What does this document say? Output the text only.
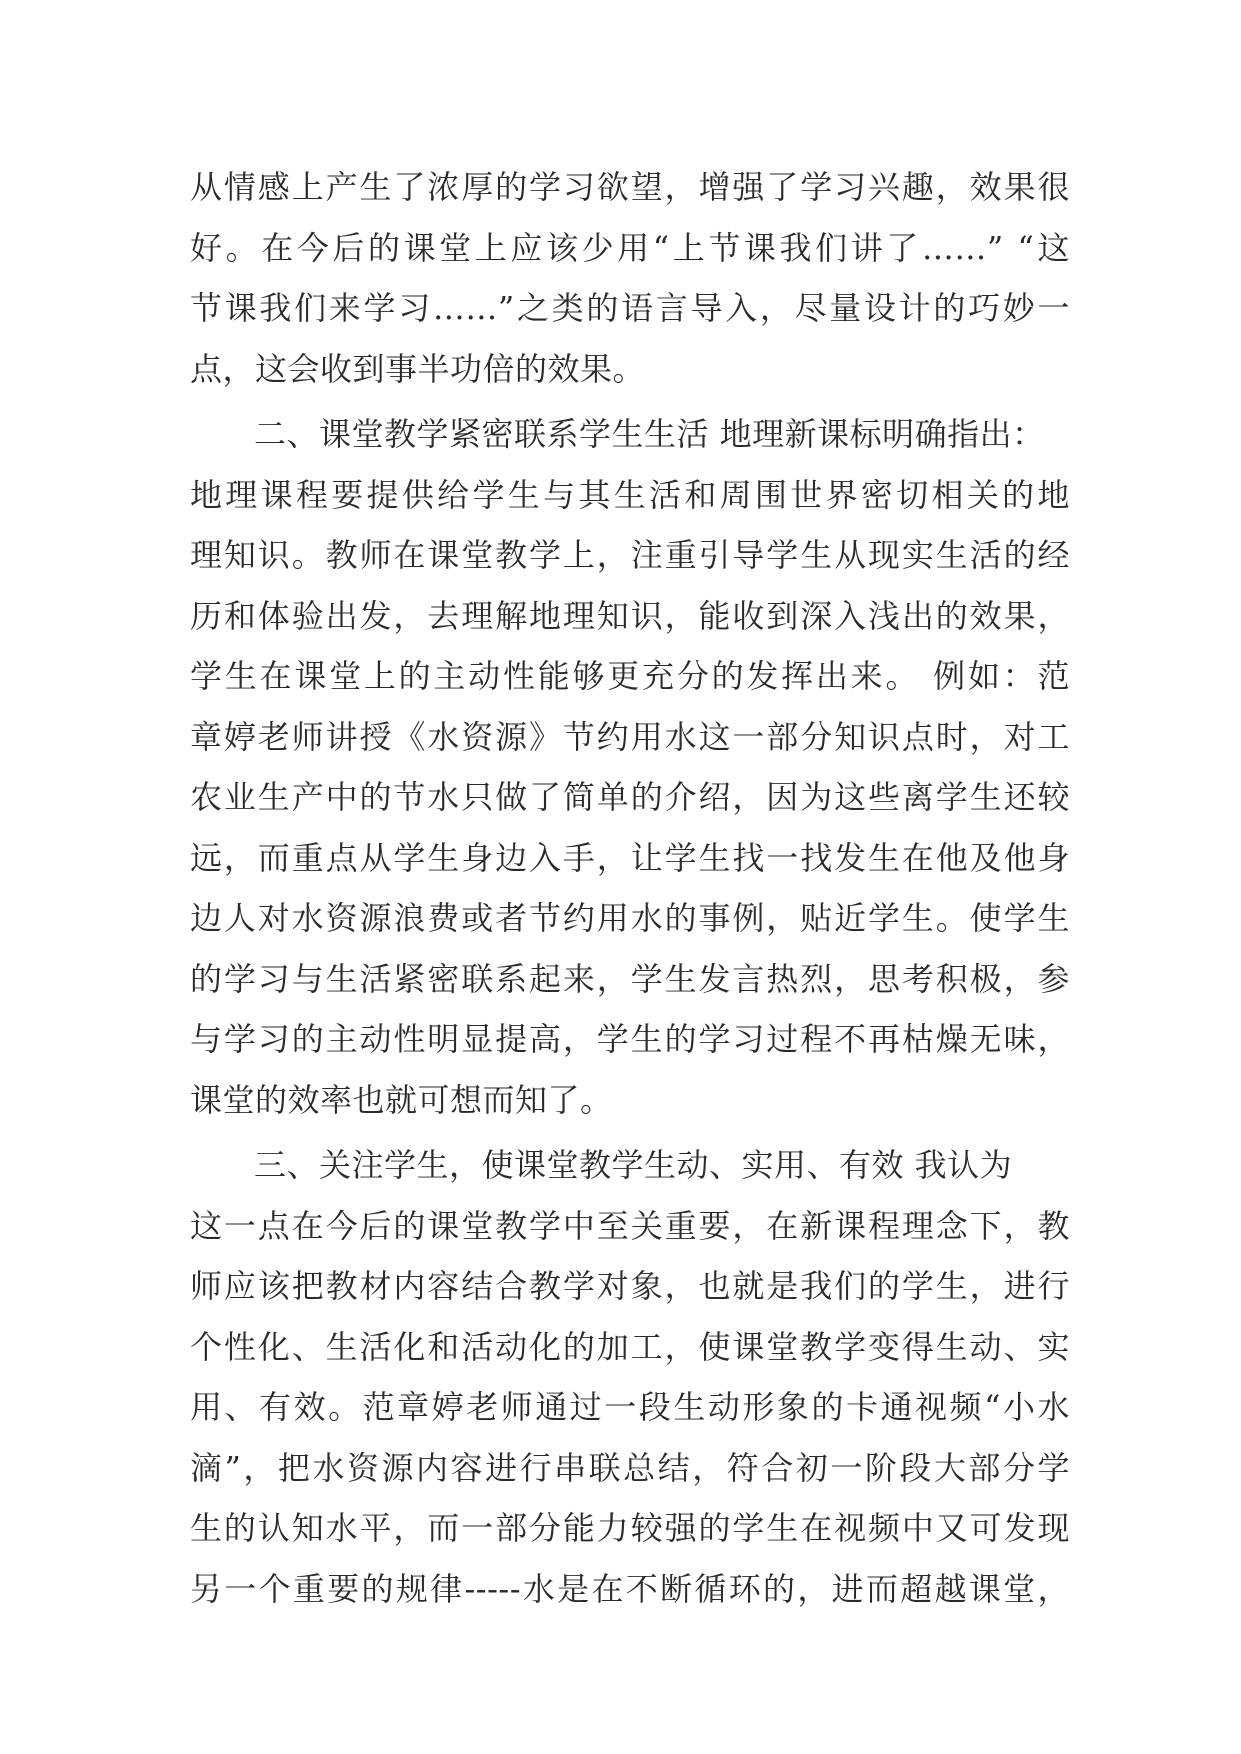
从情感上产生了浓厚的学习欲望，增强了学习兴趣，效果很
好。在今后的课堂上应该少用“上节课我们讲了……” “这
节课我们来学习……”之类的语言导入，尽量设计的巧妙一
点，这会收到事半功倍的效果。
二、课堂教学紧密联系学生生活 地理新课标明确指出：
地理课程要提供给学生与其生活和周围世界密切相关的地
理知识。教师在课堂教学上，注重引导学生从现实生活的经
历和体验出发，去理解地理知识，能收到深入浅出的效果，
学生在课堂上的主动性能够更充分的发挥出来。 例如：范
章婷老师讲授《水资源》节约用水这一部分知识点时，对工
农业生产中的节水只做了简单的介绍，因为这些离学生还较
远，而重点从学生身边入手，让学生找一找发生在他及他身
边人对水资源浪费或者节约用水的事例，贴近学生。使学生
的学习与生活紧密联系起来，学生发言热烈，思考积极，参
与学习的主动性明显提高，学生的学习过程不再枯燥无味，
课堂的效率也就可想而知了。
三、关注学生，使课堂教学生动、实用、有效 我认为
这一点在今后的课堂教学中至关重要，在新课程理念下，教
师应该把教材内容结合教学对象，也就是我们的学生，进行
个性化、生活化和活动化的加工，使课堂教学变得生动、实
用、有效。范章婷老师通过一段生动形象的卡通视频“小水
滴”，把水资源内容进行串联总结，符合初一阶段大部分学
生的认知水平，而一部分能力较强的学生在视频中又可发现
另一个重要的规律-----水是在不断循环的，进而超越课堂，
